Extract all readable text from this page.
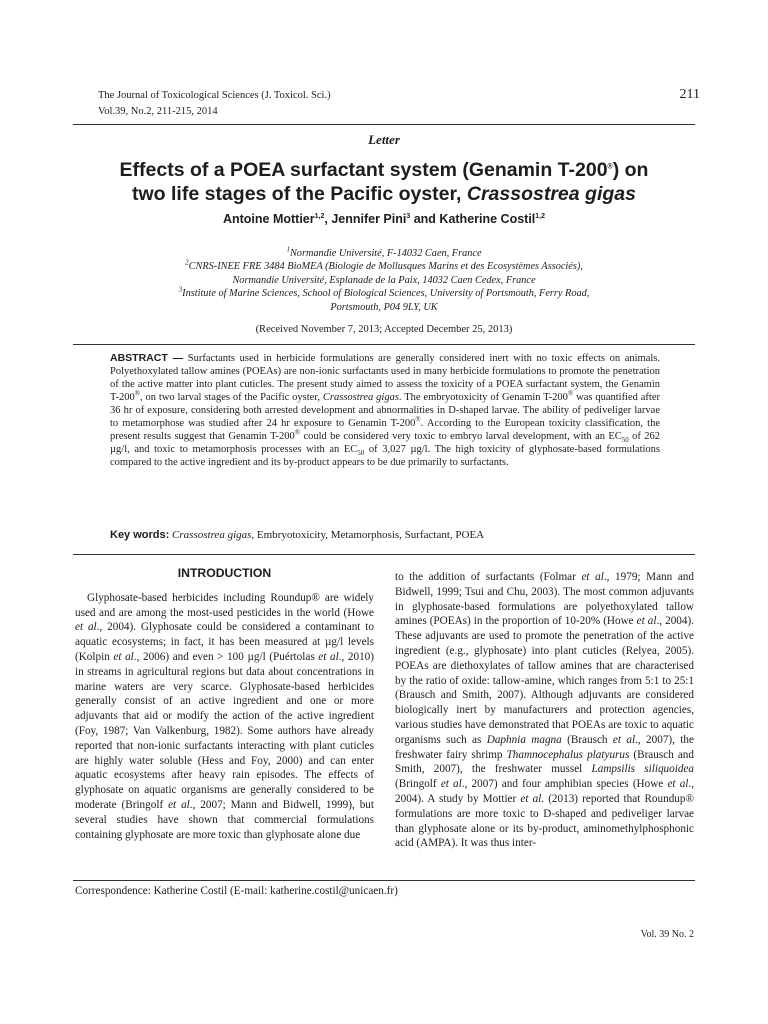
The Journal of Toxicological Sciences (J. Toxicol. Sci.)
Vol.39, No.2, 211-215, 2014
211
Letter
Effects of a POEA surfactant system (Genamin T-200®) on
two life stages of the Pacific oyster, Crassostrea gigas
Antoine Mottier$^{1,2}$, Jennifer Pini$^3$ and Katherine Costil$^{1,2}$
$^1$Normandie Université, F-14032 Caen, France
$^2$CNRS-INEE FRE 3484 BioMEA (Biologie de Mollusques Marins et des Ecosystèmes Associés),
Normandie Université, Esplanade de la Paix, 14032 Caen Cedex, France
$^3$Institute of Marine Sciences, School of Biological Sciences, University of Portsmouth, Ferry Road,
Portsmouth, P04 9LY, UK
(Received November 7, 2013; Accepted December 25, 2013)
ABSTRACT — Surfactants used in herbicide formulations are generally considered inert with no toxic effects on animals. Polyethoxylated tallow amines (POEAs) are non-ionic surfactants used in many herbicide formulations to promote the penetration of the active matter into plant cuticles. The present study aimed to assess the toxicity of a POEA surfactant system, the Genamin T-200®, on two larval stages of the Pacific oyster, Crassostrea gigas. The embryotoxicity of Genamin T-200® was quantified after 36 hr of exposure, considering both arrested development and abnormalities in D-shaped larvae. The ability of pediveliger larvae to metamorphose was studied after 24 hr exposure to Genamin T-200®. According to the European toxicity classification, the present results suggest that Genamin T-200® could be considered very toxic to embryo larval development, with an $EC_{50}$ of 262 µg/l, and toxic to metamorphosis processes with an $EC_{50}$ of 3,027 µg/l. The high toxicity of glyphosate-based formulations compared to the active ingredient and its by-product appears to be due primarily to surfactants.
Key words: Crassostrea gigas, Embryotoxicity, Metamorphosis, Surfactant, POEA
INTRODUCTION

Glyphosate-based herbicides including Roundup® are widely used and are among the most-used pesticides in the world (Howe et al., 2004). Glyphosate could be considered a contaminant to aquatic ecosystems; in fact, it has been measured at µg/l levels (Kolpin et al., 2006) and even > 100 µg/l (Puértolas et al., 2010) in streams in agricultural regions but data about concentrations in marine waters are very scarce. Glyphosate-based herbicides generally consist of an active ingredient and one or more adjuvants that aid or modify the action of the active ingredient (Foy, 1987; Van Valkenburg, 1982). Some authors have already reported that non-ionic surfactants interacting with plant cuticles are highly water soluble (Hess and Foy, 2000) and can enter aquatic ecosystems after heavy rain episodes. The effects of glyphosate on aquatic organisms are generally considered to be moderate (Bringolf et al., 2007; Mann and Bidwell, 1999), but several studies have shown that commercial formulations containing glyphosate are more toxic than glyphosate alone due

to the addition of surfactants (Folmar et al., 1979; Mann and Bidwell, 1999; Tsui and Chu, 2003). The most common adjuvants in glyphosate-based formulations are polyethoxylated tallow amines (POEAs) in the proportion of 10-20% (Howe et al., 2004). These adjuvants are used to promote the penetration of the active ingredient (e.g., glyphosate) into plant cuticles (Relyea, 2005). POEAs are diethoxylates of tallow amines that are characterised by the ratio of oxide: tallow-amine, which ranges from 5:1 to 25:1 (Brausch and Smith, 2007). Although adjuvants are considered biologically inert by manufacturers and protection agencies, various studies have demonstrated that POEAs are toxic to aquatic organisms such as Daphnia magna (Brausch et al., 2007), the freshwater fairy shrimp Thamnocephalus platyurus (Brausch and Smith, 2007), the freshwater mussel Lampsilis siliquoidea (Bringolf et al., 2007) and four amphibian species (Howe et al., 2004). A study by Mottier et al. (2013) reported that Roundup® formulations are more toxic to D-shaped and pediveliger larvae than glyphosate alone or its by-product, aminomethylphosphonic acid (AMPA). It was thus inter-

Correspondence: Katherine Costil (E-mail: katherine.costil@unicaen.fr)
Vol. 39 No. 2
